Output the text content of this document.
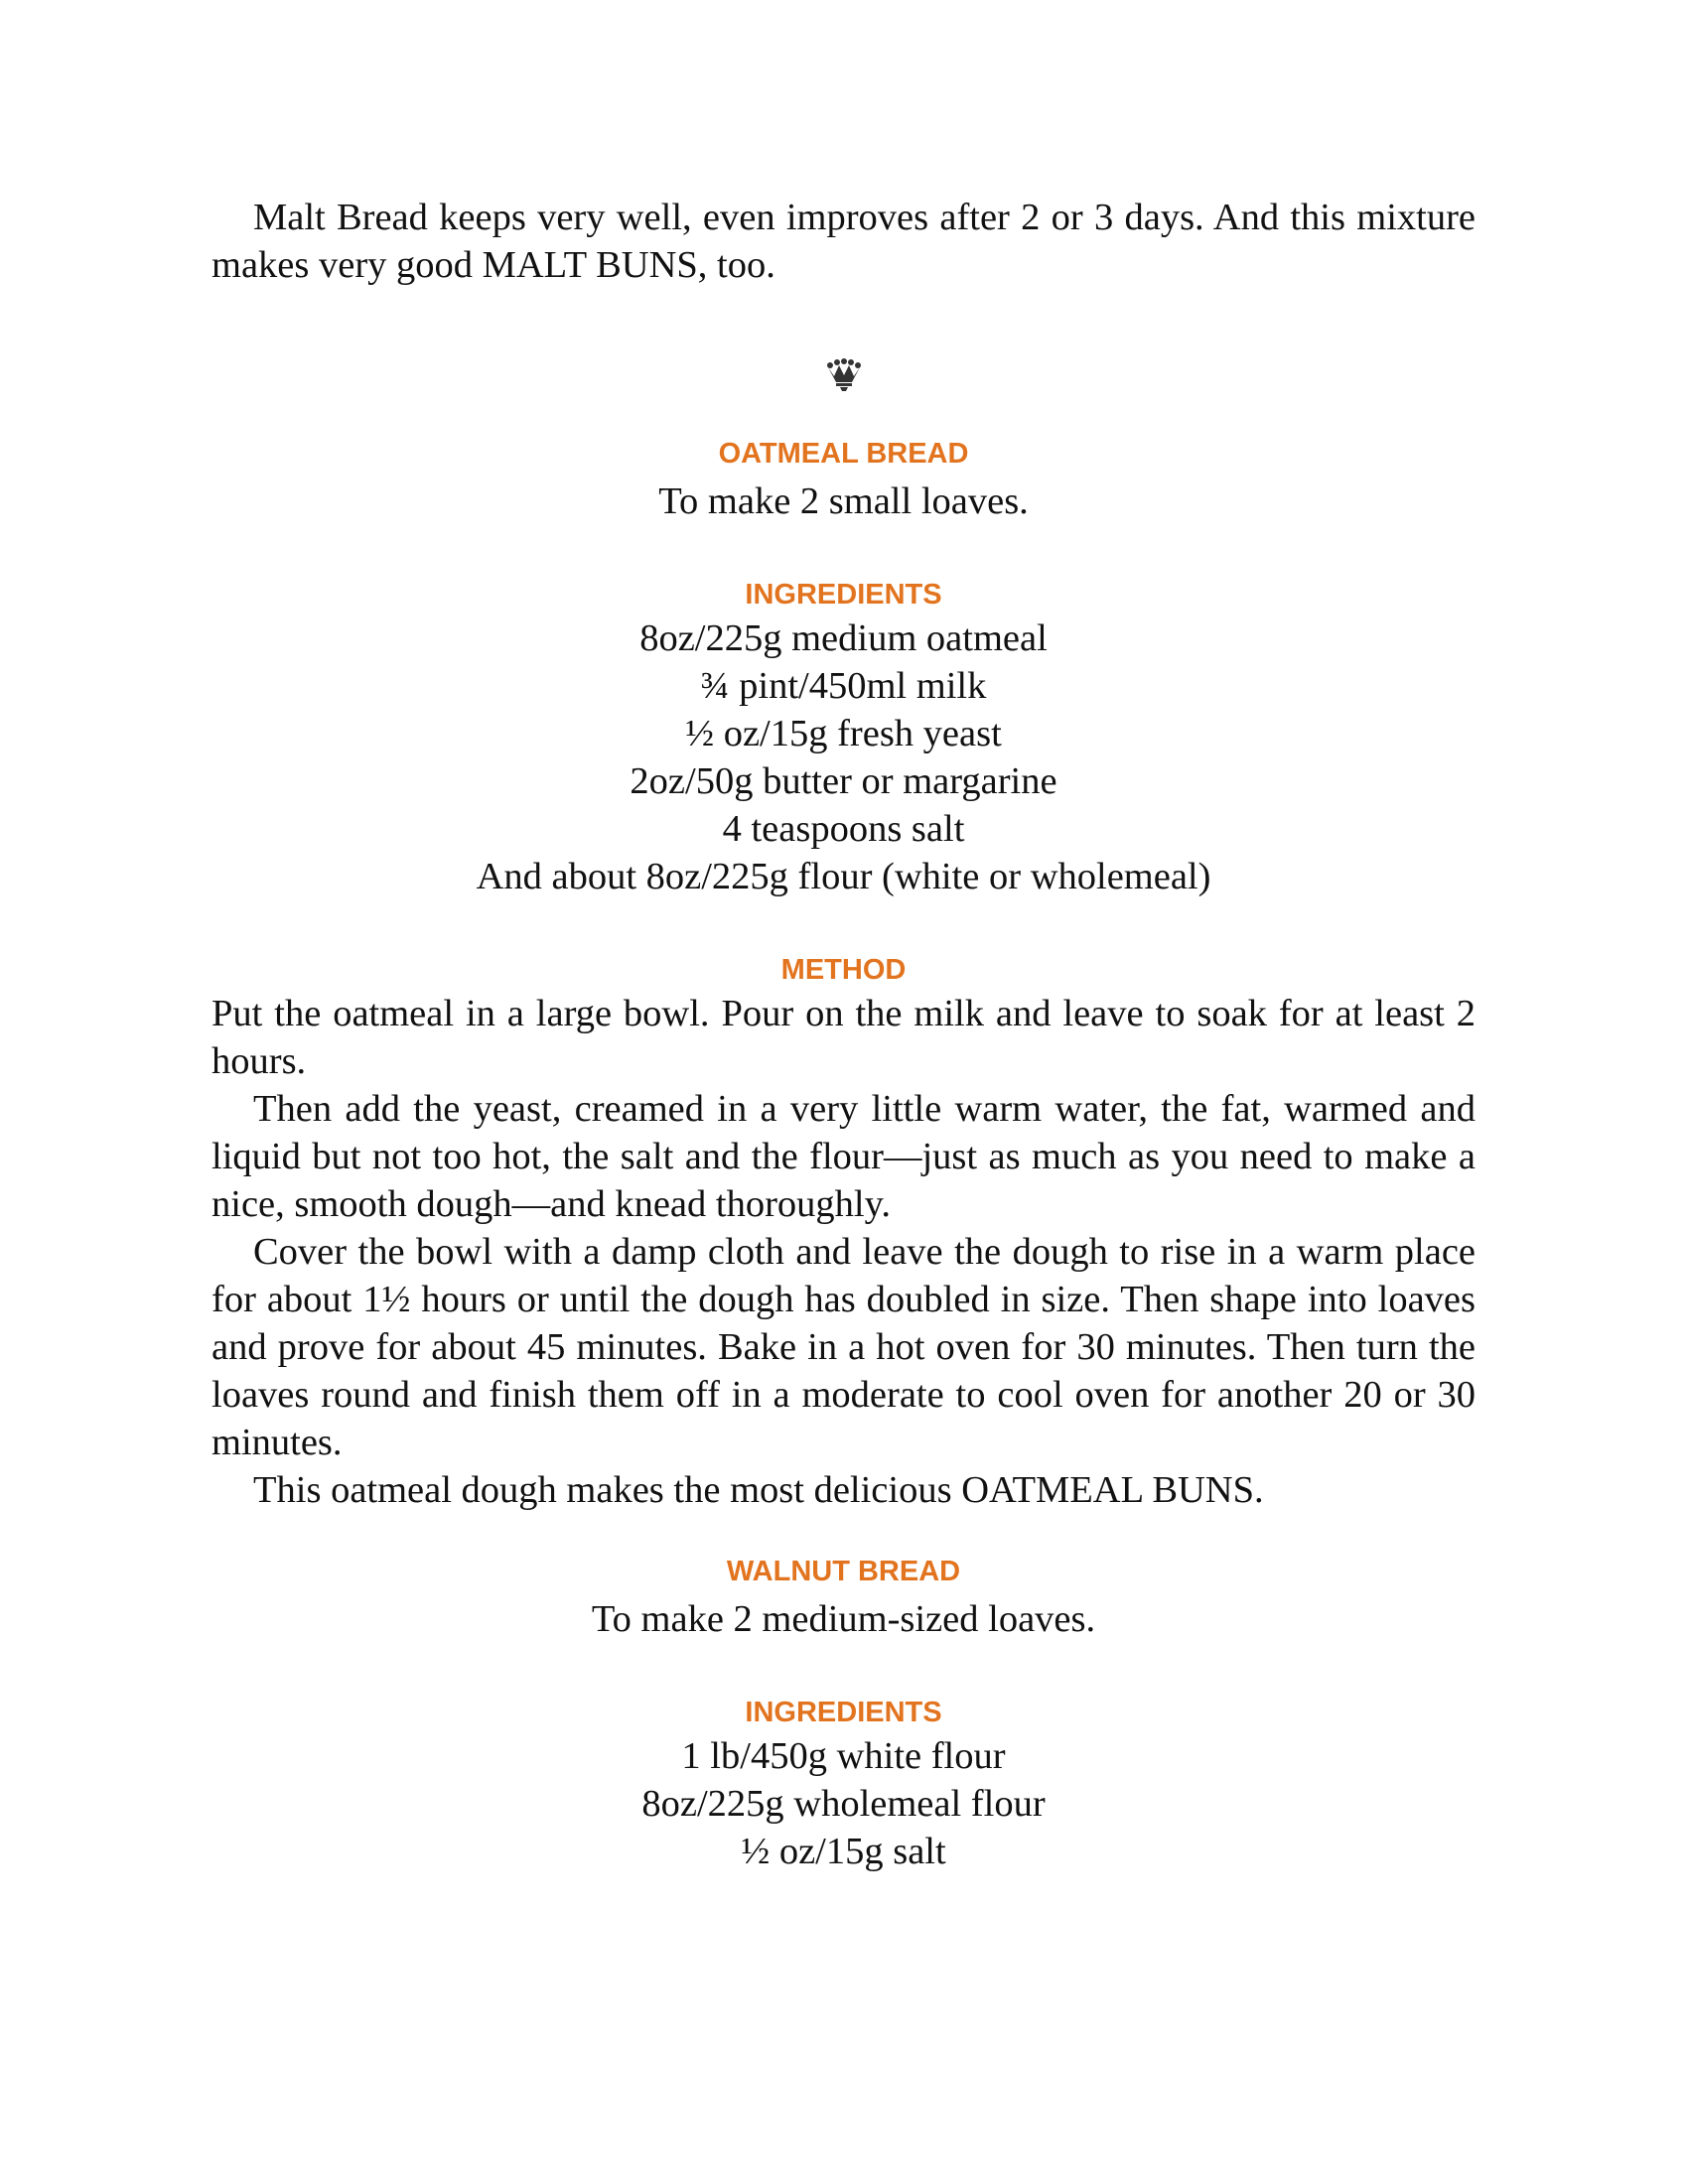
Malt Bread keeps very well, even improves after 2 or 3 days. And this mixture makes very good MALT BUNS, too.

OATMEAL BREAD

To make 2 small loaves.

INGREDIENTS
8oz/225g medium oatmeal
¾ pint/450ml milk
½ oz/15g fresh yeast
2oz/50g butter or margarine
4 teaspoons salt
And about 8oz/225g flour (white or wholemeal)
METHOD

Put the oatmeal in a large bowl. Pour on the milk and leave to soak for at least 2 hours.

Then add the yeast, creamed in a very little warm water, the fat, warmed and liquid but not too hot, the salt and the flour—just as much as you need to make a nice, smooth dough—and knead thoroughly.

Cover the bowl with a damp cloth and leave the dough to rise in a warm place for about 1½ hours or until the dough has doubled in size. Then shape into loaves and prove for about 45 minutes. Bake in a hot oven for 30 minutes. Then turn the loaves round and finish them off in a moderate to cool oven for another 20 or 30 minutes.

This oatmeal dough makes the most delicious OATMEAL BUNS.

WALNUT BREAD

To make 2 medium-sized loaves.

INGREDIENTS
1 lb/450g white flour
8oz/225g wholemeal flour
½ oz/15g salt
